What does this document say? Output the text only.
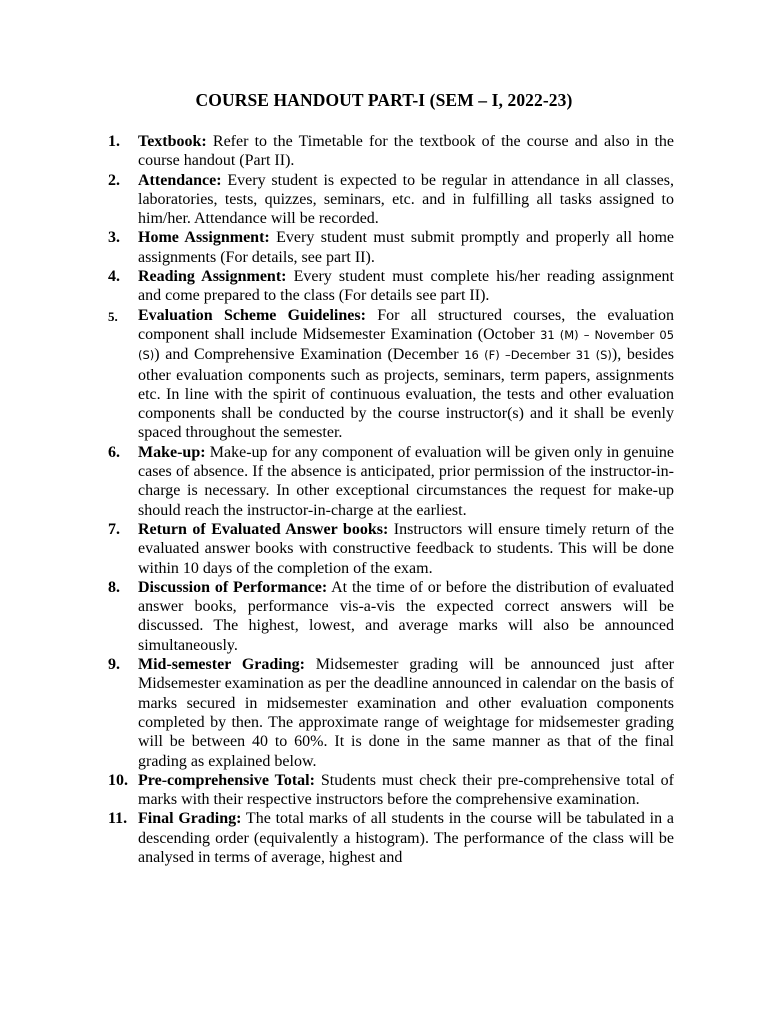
COURSE HANDOUT PART-I (SEM – I, 2022-23)
1. Textbook: Refer to the Timetable for the textbook of the course and also in the course handout (Part II).
2. Attendance: Every student is expected to be regular in attendance in all classes, laboratories, tests, quizzes, seminars, etc. and in fulfilling all tasks assigned to him/her. Attendance will be recorded.
3. Home Assignment: Every student must submit promptly and properly all home assignments (For details, see part II).
4. Reading Assignment: Every student must complete his/her reading assignment and come prepared to the class (For details see part II).
5. Evaluation Scheme Guidelines: For all structured courses, the evaluation component shall include Midsemester Examination (October 31 (M) – November 05 (S)) and Comprehensive Examination (December 16 (F) –December 31 (S)), besides other evaluation components such as projects, seminars, term papers, assignments etc. In line with the spirit of continuous evaluation, the tests and other evaluation components shall be conducted by the course instructor(s) and it shall be evenly spaced throughout the semester.
6. Make-up: Make-up for any component of evaluation will be given only in genuine cases of absence. If the absence is anticipated, prior permission of the instructor-in-charge is necessary. In other exceptional circumstances the request for make-up should reach the instructor-in-charge at the earliest.
7. Return of Evaluated Answer books: Instructors will ensure timely return of the evaluated answer books with constructive feedback to students. This will be done within 10 days of the completion of the exam.
8. Discussion of Performance: At the time of or before the distribution of evaluated answer books, performance vis-a-vis the expected correct answers will be discussed. The highest, lowest, and average marks will also be announced simultaneously.
9. Mid-semester Grading: Midsemester grading will be announced just after Midsemester examination as per the deadline announced in calendar on the basis of marks secured in midsemester examination and other evaluation components completed by then. The approximate range of weightage for midsemester grading will be between 40 to 60%. It is done in the same manner as that of the final grading as explained below.
10. Pre-comprehensive Total: Students must check their pre-comprehensive total of marks with their respective instructors before the comprehensive examination.
11. Final Grading: The total marks of all students in the course will be tabulated in a descending order (equivalently a histogram). The performance of the class will be analysed in terms of average, highest and
